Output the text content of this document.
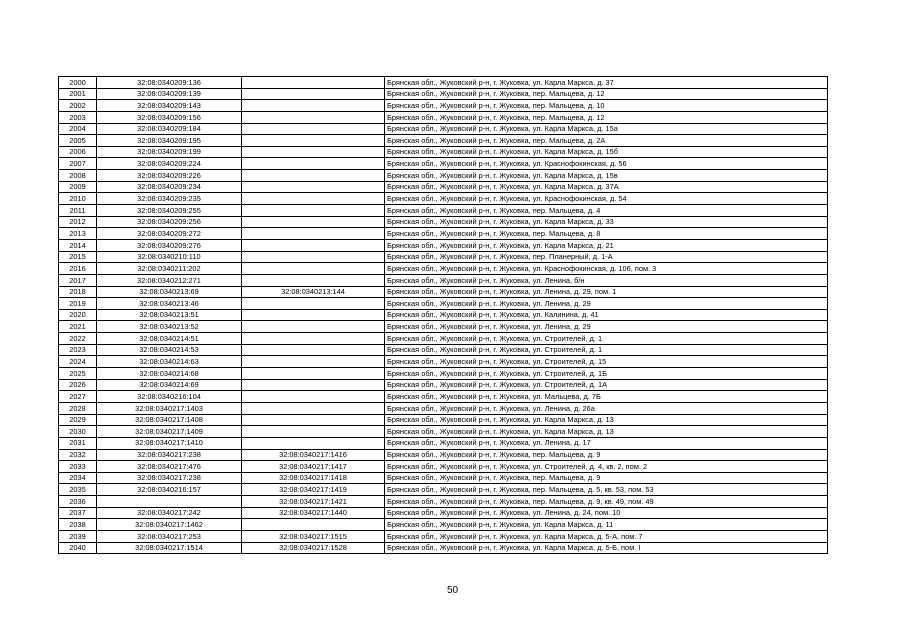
2000	32:08:0340209:136		Брянская обл., Жуковский р-н, г. Жуковка, ул. Карла Маркса, д. 37
2001	32:08:0340209:139		Брянская обл., Жуковский р-н, г. Жуковка, пер. Мальцева, д. 12
2002	32:08:0340209:143		Брянская обл., Жуковский р-н, г. Жуковка, пер. Мальцева, д. 10
2003	32:08:0340209:156		Брянская обл., Жуковский р-н, г. Жуковка, пер. Мальцева, д. 12
2004	32:08:0340209:184		Брянская обл., Жуковский р-н, г. Жуковка, ул. Карла Маркса, д. 15а
2005	32:08:0340209:195		Брянская обл., Жуковский р-н, г. Жуковка, пер. Мальцева, д. 2А
2006	32:08:0340209:199		Брянская обл., Жуковский р-н, г. Жуковка, ул. Карла Маркса, д. 15б
2007	32:08:0340209:224		Брянская обл., Жуковский р-н, г. Жуковка, ул. Краснофокинская, д. 56
2008	32:08:0340209:226		Брянская обл., Жуковский р-н, г. Жуковка, ул. Карла Маркса, д. 15в
2009	32:08:0340209:234		Брянская обл., Жуковский р-н, г. Жуковка, ул. Карла Маркса, д. 37А
2010	32:08:0340209:235		Брянская обл., Жуковский р-н, г. Жуковка, ул. Краснофокинская, д. 54
2011	32:08:0340209:255		Брянская обл., Жуковский р-н, г. Жуковка, пер. Мальцева, д. 4
2012	32:08:0340209:256		Брянская обл., Жуковский р-н, г. Жуковка, ул. Карла Маркса, д. 33
2013	32:08:0340209:272		Брянская обл., Жуковский р-н, г. Жуковка, пер. Мальцева, д. 8
2014	32:08:0340209:276		Брянская обл., Жуковский р-н, г. Жуковка, ул. Карла Маркса, д. 21
2015	32:08:0340210:110		Брянская обл., Жуковский р-н, г. Жуковка, пер. Планерный, д. 1-А
2016	32:08:0340211:202		Брянская обл., Жуковский р-н, г. Жуковка, ул. Краснофокинская, д. 106, пом. 3
2017	32:08:0340212:271		Брянская обл., Жуковский р-н, г. Жуковка, ул. Ленина, б/н
2018	32:08:0340213:69	32:08:0340213:144	Брянская обл., Жуковский р-н, г. Жуковка, ул. Ленина, д. 29, пом. 1
2019	32:08:0340213:46		Брянская обл., Жуковский р-н, г. Жуковка, ул. Ленина, д. 29
2020	32:08:0340213:51		Брянская обл., Жуковский р-н, г. Жуковка, ул. Калинина, д. 41
2021	32:08:0340213:52		Брянская обл., Жуковский р-н, г. Жуковка, ул. Ленина, д. 29
2022	32:08:0340214:51		Брянская обл., Жуковский р-н, г. Жуковка, ул. Строителей, д. 1
2023	32:08:0340214:53		Брянская обл., Жуковский р-н, г. Жуковка, ул. Строителей, д. 1
2024	32:08:0340214:63		Брянская обл., Жуковский р-н, г. Жуковка, ул. Строителей, д. 15
2025	32:08:0340214:68		Брянская обл., Жуковский р-н, г. Жуковка, ул. Строителей, д. 1Б
2026	32:08:0340214:69		Брянская обл., Жуковский р-н, г. Жуковка, ул. Строителей, д. 1А
2027	32:08:0340216:104		Брянская обл., Жуковский р-н, г. Жуковка, ул. Мальцева, д. 7Б
2028	32:08:0340217:1403		Брянская обл., Жуковский р-н, г. Жуковка, ул. Ленина, д. 26а
2029	32:08:0340217:1408		Брянская обл., Жуковский р-н, г. Жуковка, ул. Карла Маркса, д. 13
2030	32:08:0340217:1409		Брянская обл., Жуковский р-н, г. Жуковка, ул. Карла Маркса, д. 13
2031	32:08:0340217:1410		Брянская обл., Жуковский р-н, г. Жуковка, ул. Ленина, д. 17
2032	32:08:0340217:238	32:08:0340217:1416	Брянская обл., Жуковский р-н, г. Жуковка, пер. Мальцева, д. 9
2033	32:08:0340217:476	32:08:0340217:1417	Брянская обл., Жуковский р-н, г. Жуковка, ул. Строителей, д. 4, кв. 2, пом. 2
2034	32:08:0340217:238	32:08:0340217:1418	Брянская обл., Жуковский р-н, г. Жуковка, пер. Мальцева, д. 9
2035	32:08:0340216:157	32:08:0340217:1419	Брянская обл., Жуковский р-н, г. Жуковка, пер. Мальцева, д. 5, кв. 53, пом. 53
2036		32:08:0340217:1421	Брянская обл., Жуковский р-н, г. Жуковка, пер. Мальцева, д. 9, кв. 49, пом. 49
2037	32:08:0340217:242	32:08:0340217:1440	Брянская обл., Жуковский р-н, г. Жуковка, ул. Ленина, д. 24, пом. 10
2038	32:08:0340217:1462		Брянская обл., Жуковский р-н, г. Жуковка, ул. Карла Маркса, д. 11
2039	32:08:0340217:253	32:08:0340217:1515	Брянская обл., Жуковский р-н, г. Жуковка, ул. Карла Маркса, д. 5-А, пом. 7
2040	32:08:0340217:1514	32:08:0340217:1528	Брянская обл., Жуковский р-н, г. Жуковка, ул. Карла Маркса, д. 5-Б, пом. I
50
